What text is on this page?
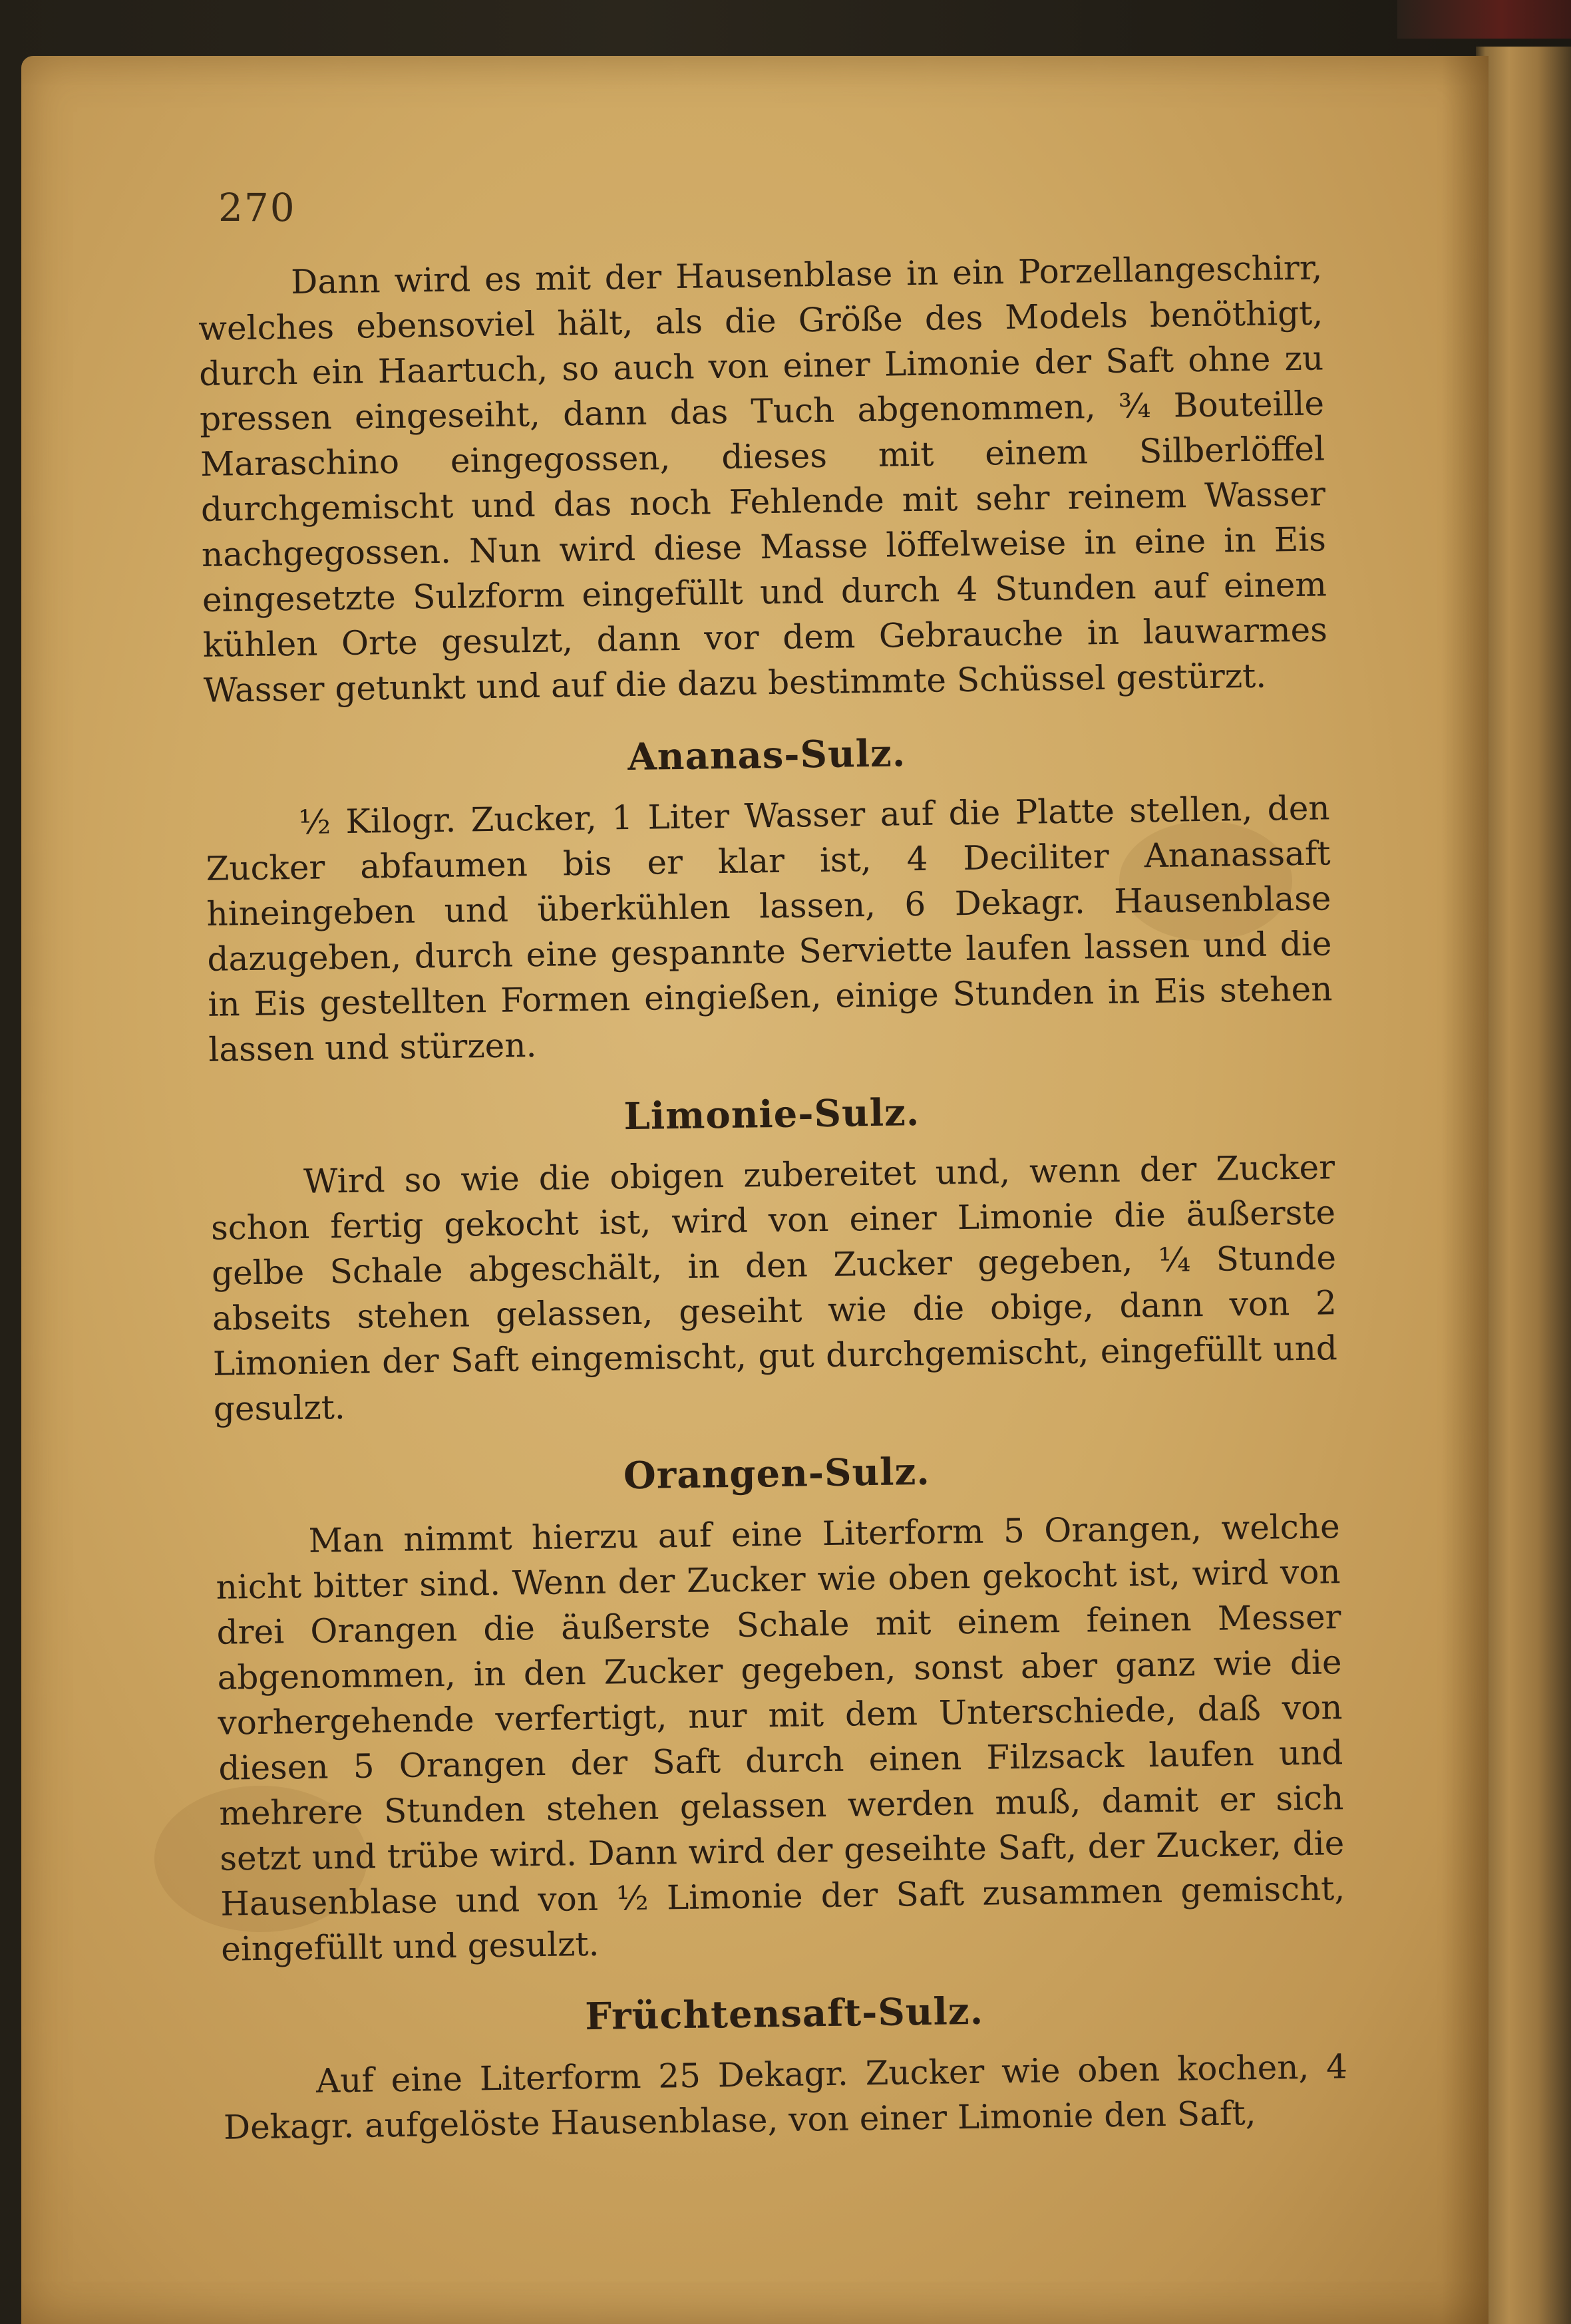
270

Dann wird es mit der Hausenblase in ein Porzellangeschirr, welches ebensoviel hält, als die Größe des Models benöthigt, durch ein Haartuch, so auch von einer Limonie der Saft ohne zu pressen eingeseiht, dann das Tuch abgenommen, ¾ Bouteille Maraschino eingegossen, dieses mit einem Silberlöffel durchgemischt und das noch Fehlende mit sehr reinem Wasser nachgegossen. Nun wird diese Masse löffelweise in eine in Eis eingesetzte Sulzform eingefüllt und durch 4 Stunden auf einem kühlen Orte gesulzt, dann vor dem Gebrauche in lauwarmes Wasser getunkt und auf die dazu bestimmte Schüssel gestürzt.

Ananas-Sulz.

½ Kilogr. Zucker, 1 Liter Wasser auf die Platte stellen, den Zucker abfaumen bis er klar ist, 4 Deciliter Ananassaft hineingeben und überkühlen lassen, 6 Dekagr. Hausenblase dazugeben, durch eine gespannte Serviette laufen lassen und die in Eis gestellten Formen eingießen, einige Stunden in Eis stehen lassen und stürzen.

Limonie-Sulz.

Wird so wie die obigen zubereitet und, wenn der Zucker schon fertig gekocht ist, wird von einer Limonie die äußerste gelbe Schale abgeschält, in den Zucker gegeben, ¼ Stunde abseits stehen gelassen, geseiht wie die obige, dann von 2 Limonien der Saft eingemischt, gut durchgemischt, eingefüllt und gesulzt.

Orangen-Sulz.

Man nimmt hierzu auf eine Literform 5 Orangen, welche nicht bitter sind. Wenn der Zucker wie oben gekocht ist, wird von drei Orangen die äußerste Schale mit einem feinen Messer abgenommen, in den Zucker gegeben, sonst aber ganz wie die vorhergehende verfertigt, nur mit dem Unterschiede, daß von diesen 5 Orangen der Saft durch einen Filzsack laufen und mehrere Stunden stehen gelassen werden muß, damit er sich setzt und trübe wird. Dann wird der geseihte Saft, der Zucker, die Hausenblase und von ½ Limonie der Saft zusammen gemischt, eingefüllt und gesulzt.

Früchtensaft-Sulz.

Auf eine Literform 25 Dekagr. Zucker wie oben kochen, 4 Dekagr. aufgelöste Hausenblase, von einer Limonie den Saft,
